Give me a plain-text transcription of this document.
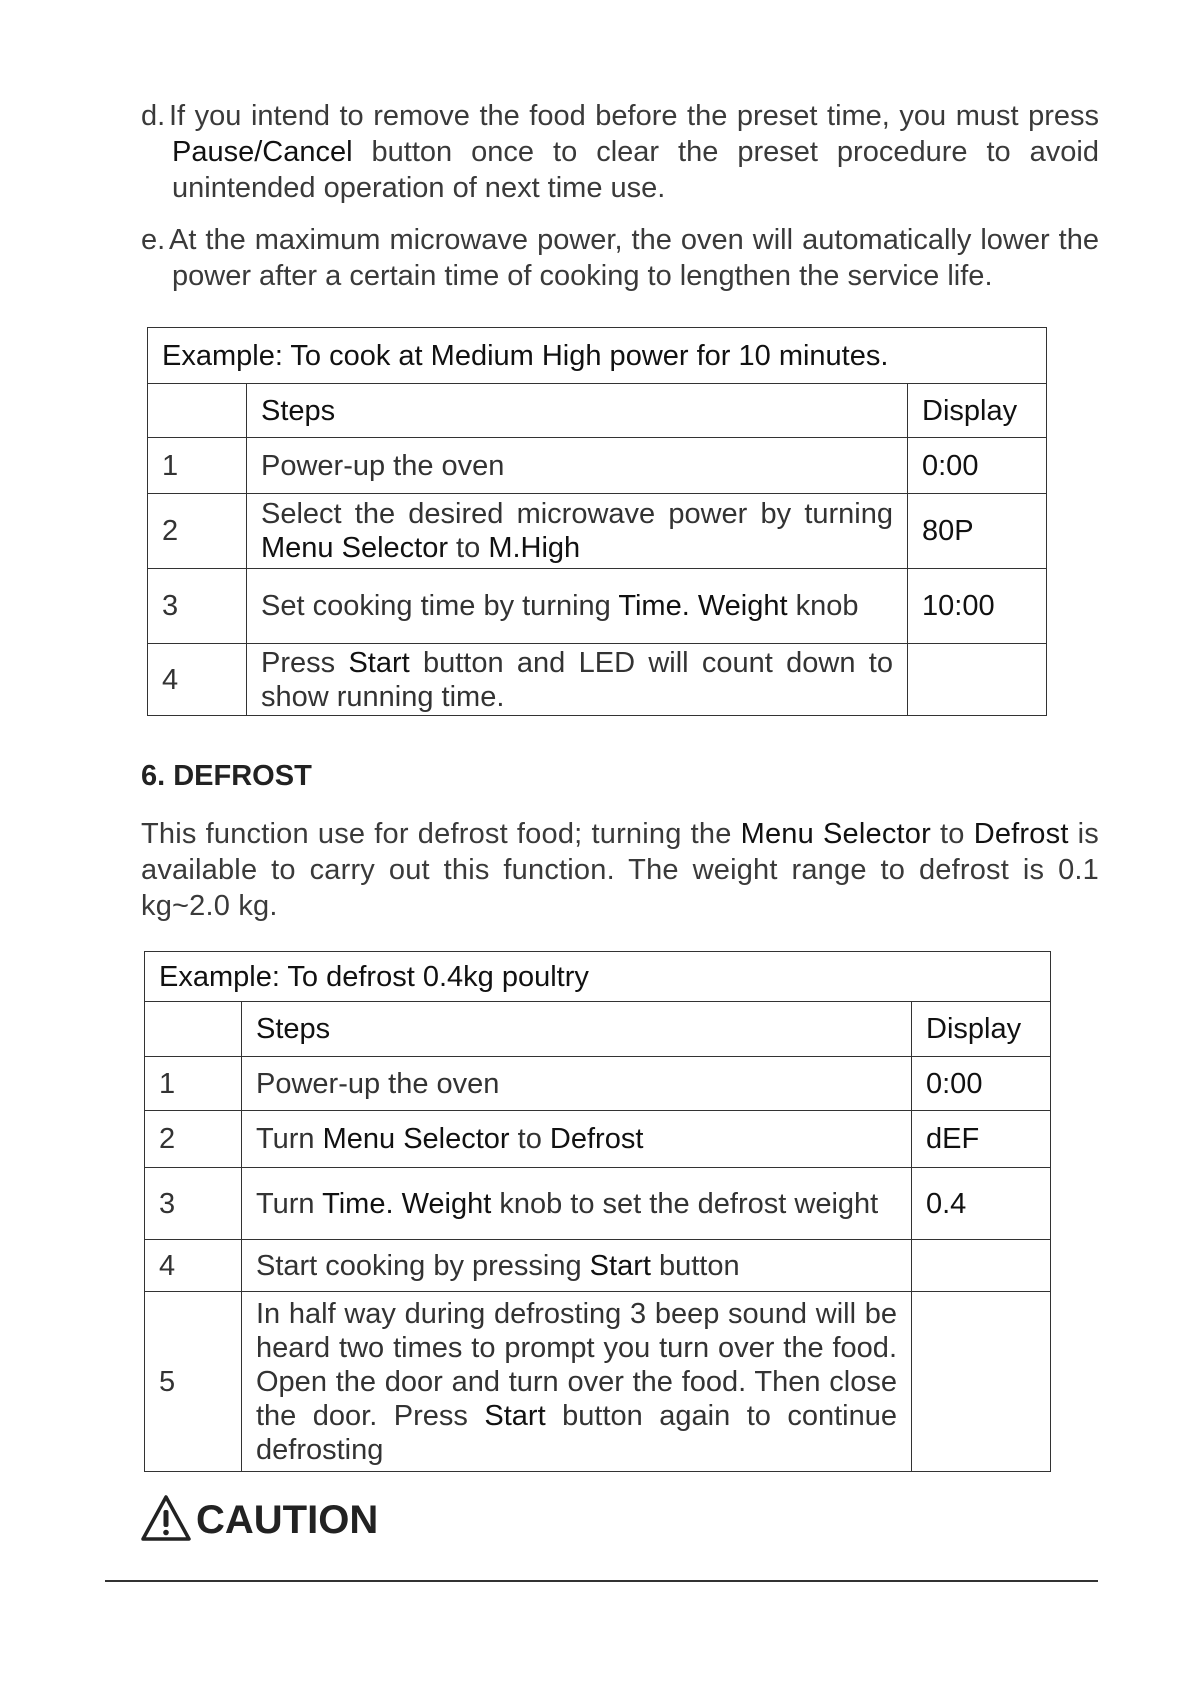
d. If you intend to remove the food before the preset time, you must press Pause/Cancel button once to clear the preset procedure to avoid unintended operation of next time use.
e. At the maximum microwave power, the oven will automatically lower the power after a certain time of cooking to lengthen the service life.
Example: To cook at Medium High power for 10 minutes.		
	Steps	Display
1	Power-up the oven	0:00
2	Select the desired microwave power by turning Menu Selector to M.High	80P
3	Set cooking time by turning Time. Weight knob	10:00
4	Press Start button and LED will count down to show running time.	
6. DEFROST
This function use for defrost food; turning the Menu Selector to Defrost is available to carry out this function. The weight range to defrost is 0.1 kg~2.0 kg.
Example: To defrost 0.4kg poultry		
	Steps	Display
1	Power-up the oven	0:00
2	Turn Menu Selector to Defrost	dEF
3	Turn Time. Weight knob to set the defrost weight	0.4
4	Start cooking by pressing Start button	
5	In half way during defrosting 3 beep sound will be heard two times to prompt you turn over the food. Open the door and turn over the food. Then close the door. Press Start button again to continue defrosting	
CAUTION
